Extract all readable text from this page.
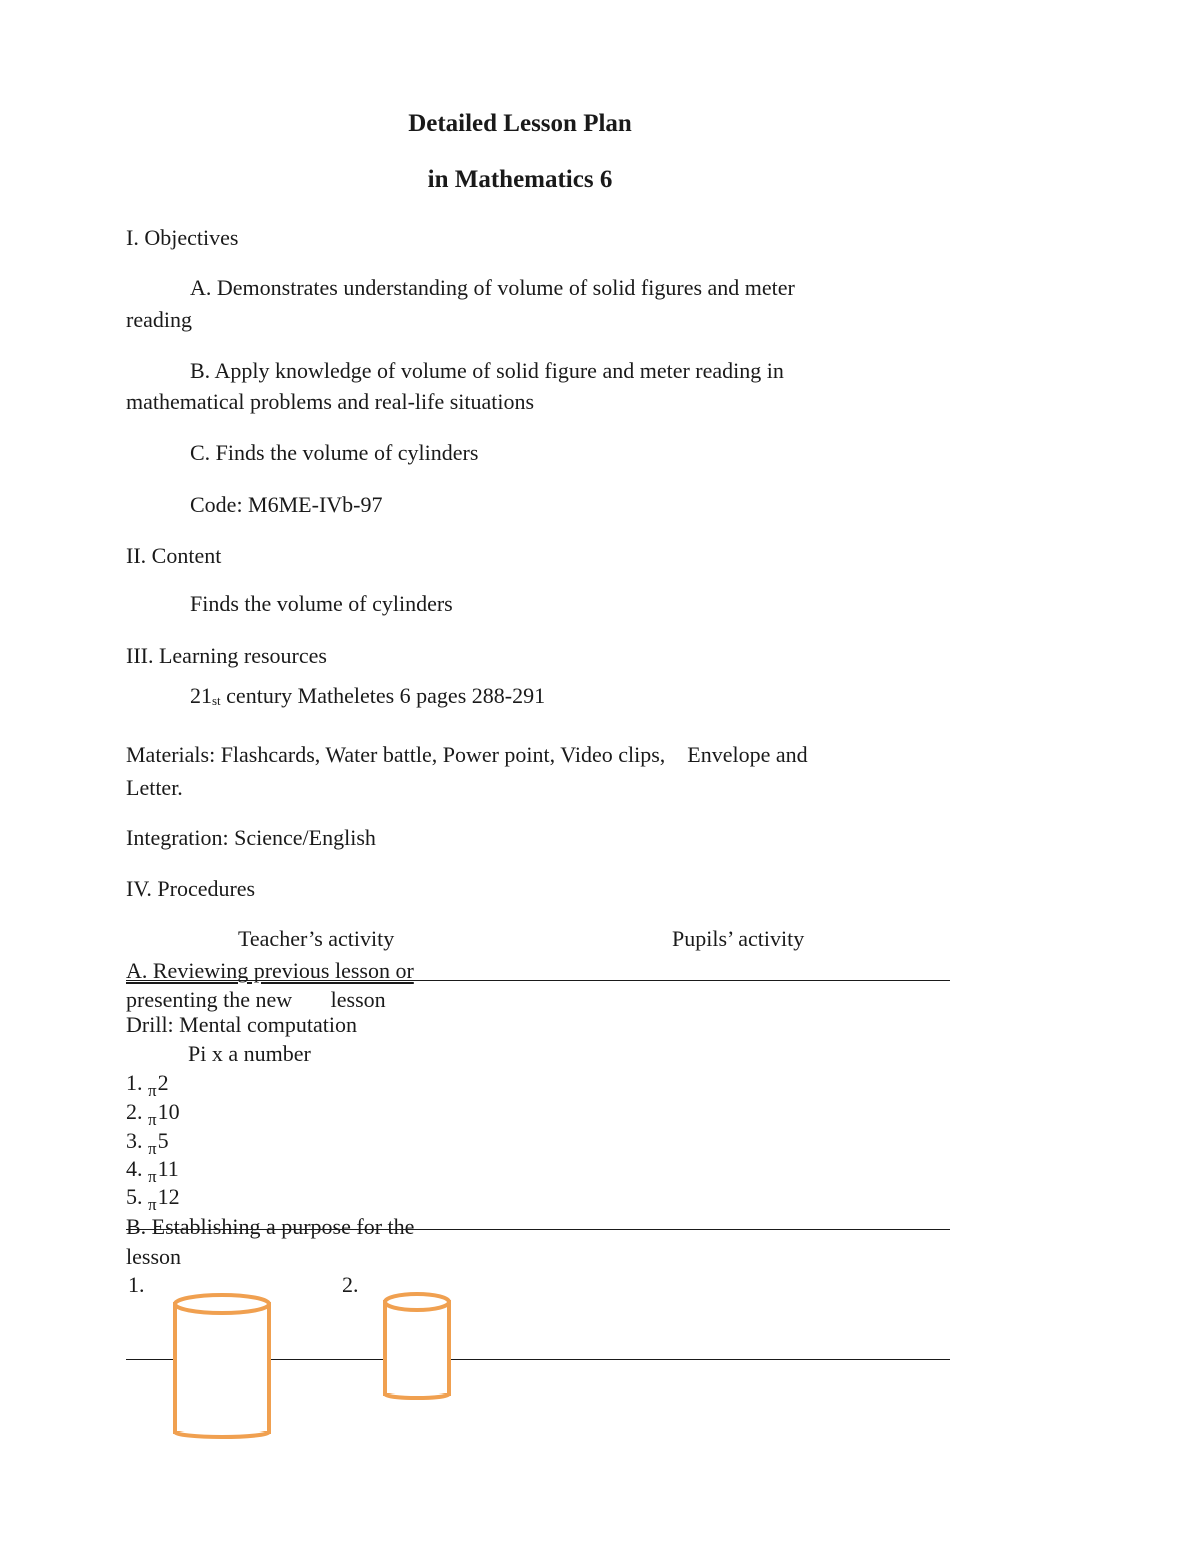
Detailed Lesson Plan
in Mathematics 6
I. Objectives
A. Demonstrates understanding of volume of solid figures and meter
reading
B. Apply knowledge of volume of solid figure and meter reading in
mathematical problems and real-life situations
C. Finds the volume of cylinders
Code: M6ME-IVb-97
II. Content
Finds the volume of cylinders
III. Learning resources
21st century Matheletes 6 pages 288-291
Materials: Flashcards, Water battle, Power point, Video clips,    Envelope and
Letter.
Integration: Science/English
IV. Procedures
Teacher’s activity	Pupils’ activity
A. Reviewing previous lesson or
presenting the new       lesson
Drill: Mental computation
Pi x a number
1. $_\pi$2
2. $_\pi$10
3. $_\pi$5
4. $_\pi$11
5. $_\pi$12
B. Establishing a purpose for the
lesson
1.	2.
